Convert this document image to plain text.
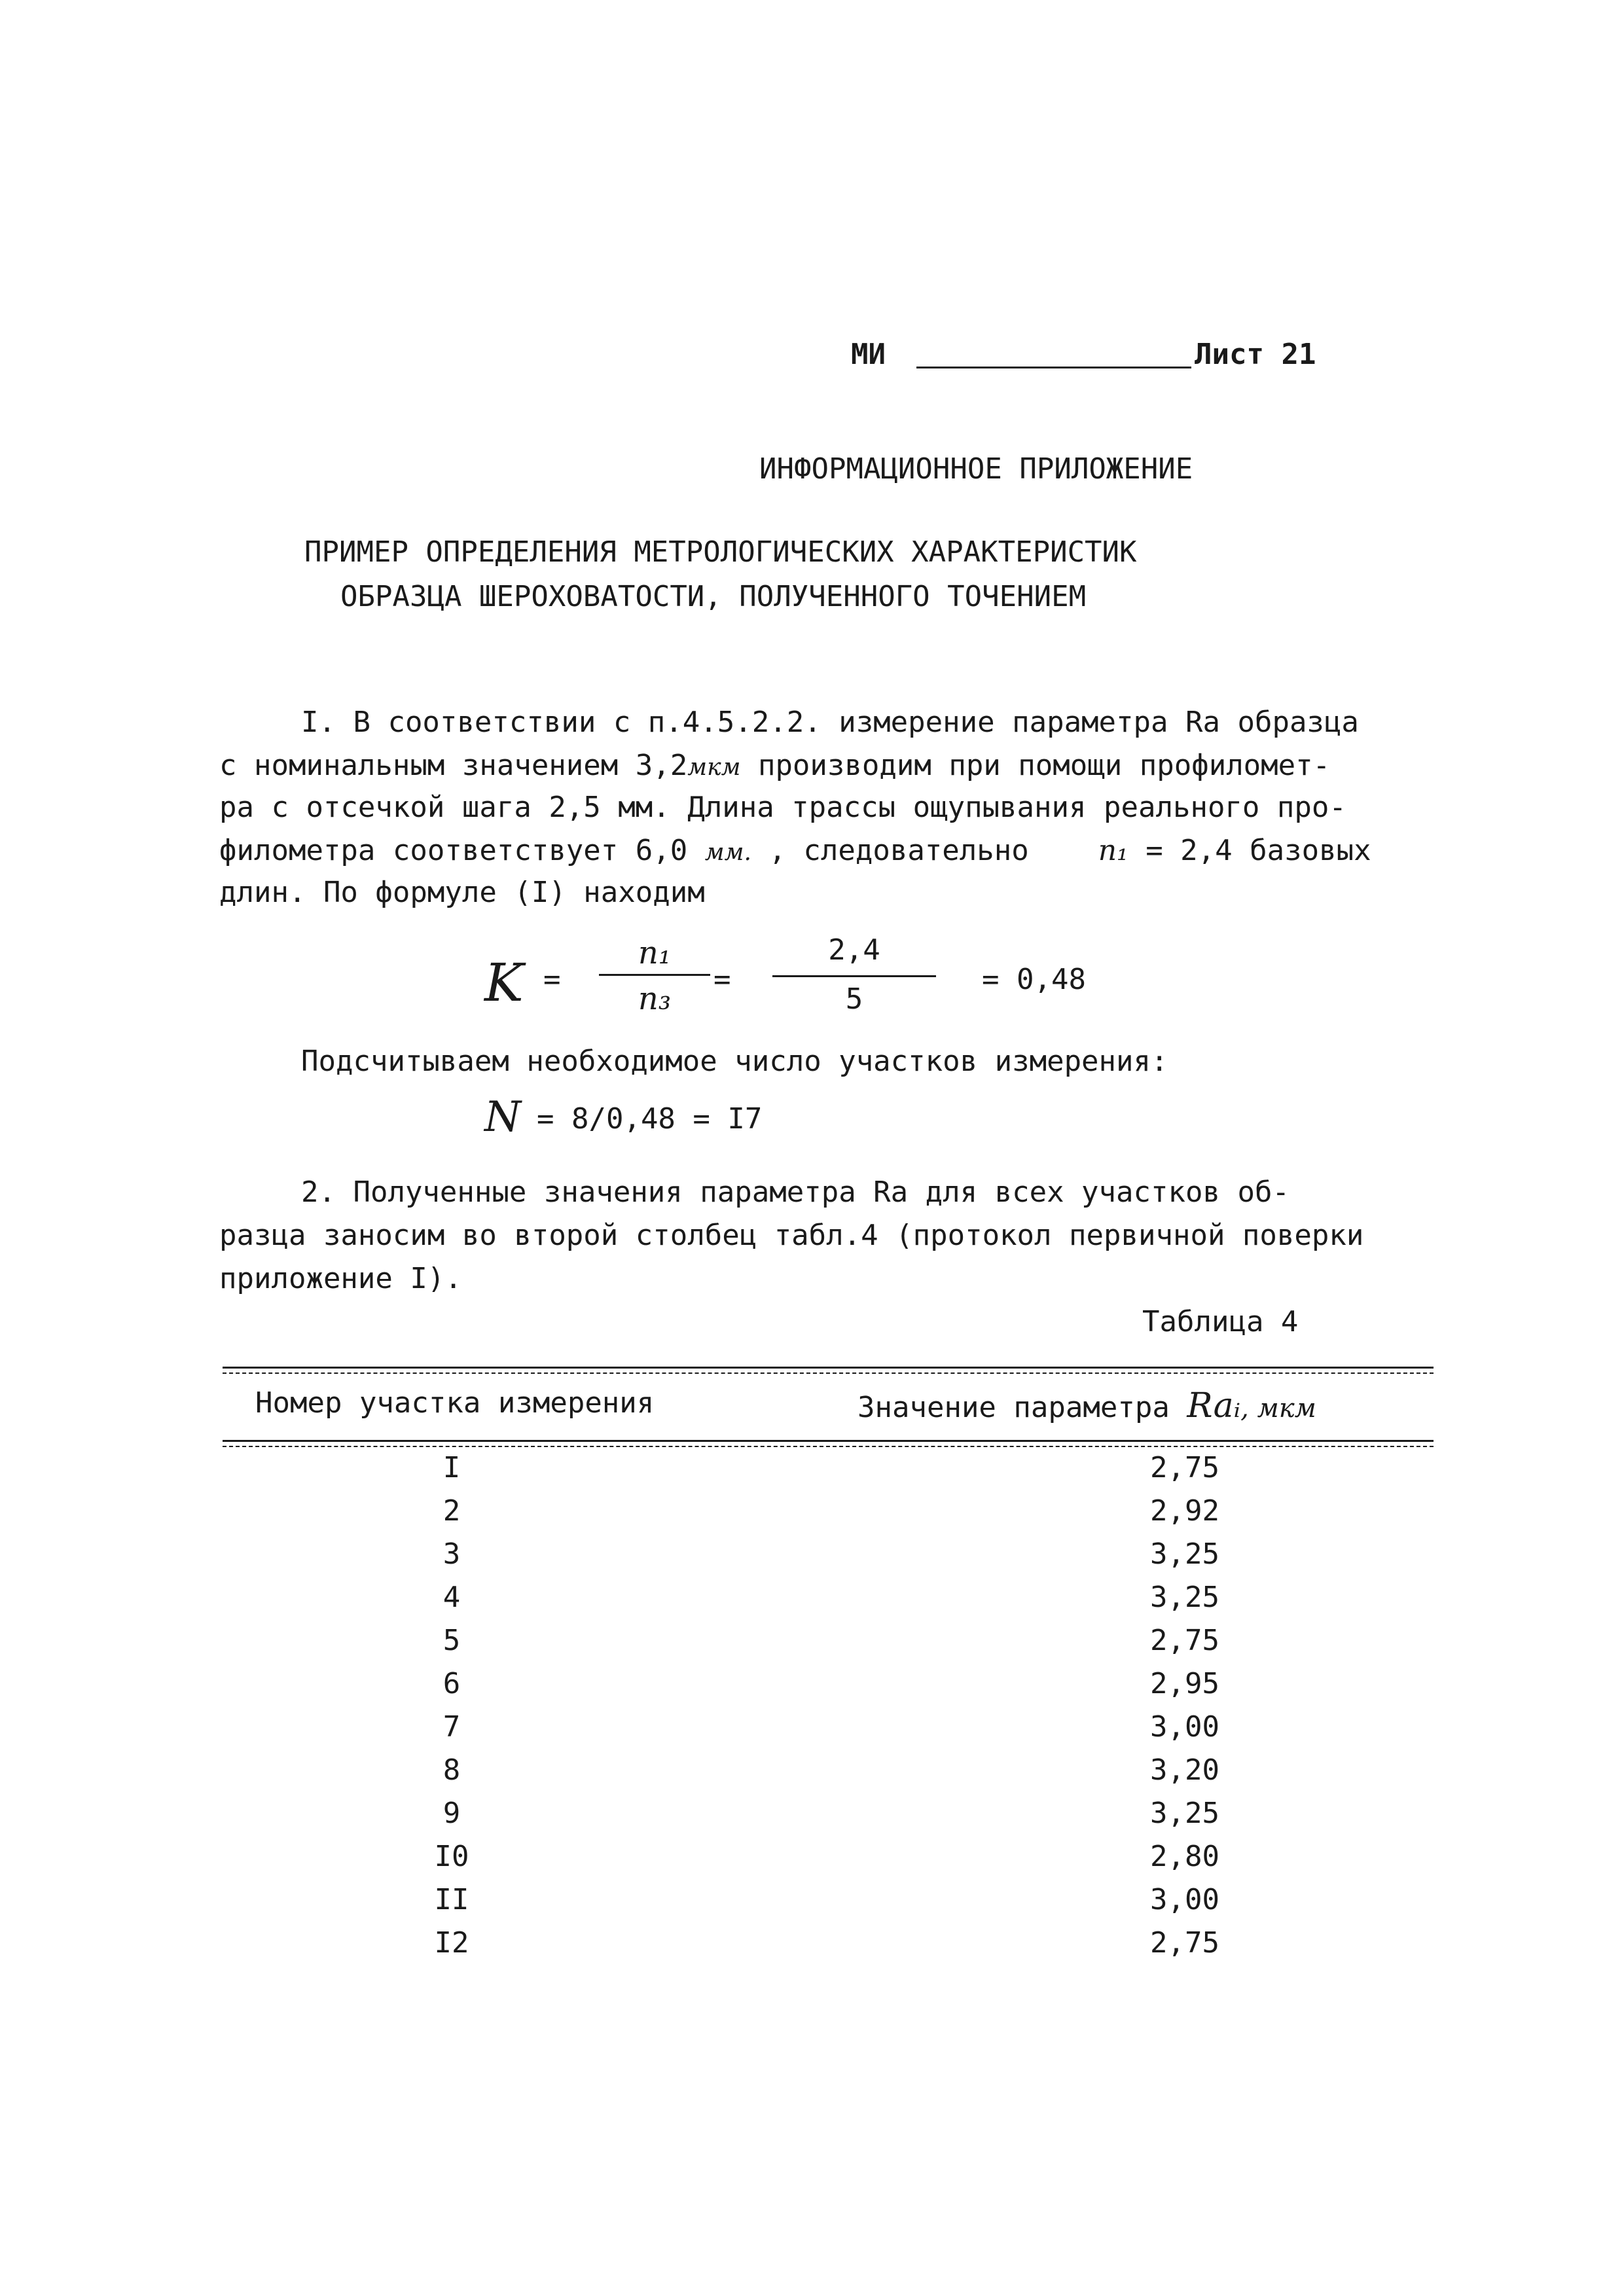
МИ	Лист 21
ИНФОРМАЦИОННОЕ ПРИЛОЖЕНИЕ
ПРИМЕР ОПРЕДЕЛЕНИЯ МЕТРОЛОГИЧЕСКИХ ХАРАКТЕРИСТИК
ОБРАЗЦА ШЕРОХОВАТОСТИ, ПОЛУЧЕННОГО ТОЧЕНИЕМ
I. В соответствии с п.4.5.2.2. измерение параметра Ra образца
с номинальным значением 3,2мкм производим при помощи профиломет-
ра с отсечкой шага 2,5 мм. Длина трассы ощупывания реального про-
филометра соответствует 6,0 мм. , следовательно n₁ = 2,4 базовых
длин. По формуле (I) находим
K =
n₁
n₃
=
2,4
5
= 0,48
Подсчитываем необходимое число участков измерения:
N = 8/0,48 = I7
2. Полученные значения параметра Ra для всех участков об-
разца заносим во второй столбец табл.4 (протокол первичной поверки
приложение I).
Таблица 4
Номер участка измерения	Значение параметра Raᵢ, мкм
I	2,75
2	2,92
3	3,25
4	3,25
5	2,75
6	2,95
7	3,00
8	3,20
9	3,25
I0	2,80
II	3,00
I2	2,75
